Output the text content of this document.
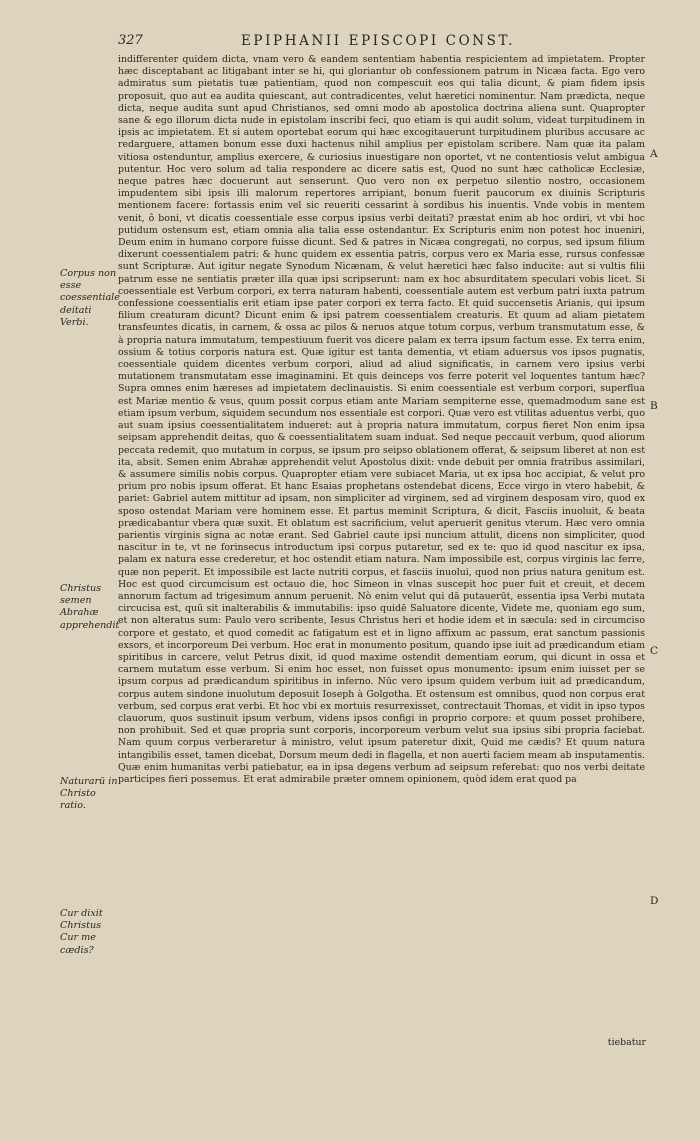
327	EPIPHANII EPISCOPI CONST.

indifferenter quidem dicta, vnam vero & eandem sententiam habentia respicientem ad impietatem. Propter hæc disceptabant ac litigabant inter se hi, qui gloriantur ob confessionem patrum in Nicæa facta. Ego vero admiratus sum pietatis tuæ patientiam, quod non compescuit eos qui talia dicunt, & piam fidem ipsis proposuit, quo aut ea audita quiescant, aut contradicentes, velut hæretici nominentur. Nam prædicta, neque dicta, neque audita sunt apud Christianos, sed omni modo ab apostolica doctrina aliena sunt. Quapropter sane & ego illorum dicta nude in epistolam inscribi feci, quo etiam is qui audit solum, videat turpitudinem in ipsis ac impietatem. Et si autem oportebat eorum qui hæc excogitauerunt turpitudinem pluribus accusare ac redarguere, attamen bonum esse duxi hactenus nihil amplius per epistolam scribere. Nam quæ ita palam vitiosa ostenduntur, amplius exercere, & curiosius inuestigare non oportet, vt ne contentiosis velut ambigua putentur. Hoc vero solum ad talia respondere ac dicere satis est, Quod no sunt hæc catholicæ Ecclesiæ, neque patres hæc docuerunt aut senserunt. Quo vero non ex perpetuo silentio nostro, occasionem impudentem sibi ipsis illi malorum repertores arripiant, bonum fuerit paucorum ex diuinis Scripturis mentionem facere: fortassis enim vel sic reueriti cessarint à sordibus his inuentis. Vnde vobis in mentem venit, ô boni, vt dicatis coessentiale esse corpus ipsius verbi deitati? præstat enim ab hoc ordiri, vt vbi hoc putidum ostensum est, etiam omnia alia talia esse ostendantur. Ex Scripturis enim non potest hoc inueniri, Deum enim in humano corpore fuisse dicunt. Sed & patres in Nicæa congregati, no corpus, sed ipsum filium dixerunt coessentialem patri: & hunc quidem ex essentia patris, corpus vero ex Maria esse, rursus confessæ sunt Scripturæ. Aut igitur negate Synodum Nicænam, & velut hæretici hæc falso inducite: aut si vultis filii patrum esse ne sentiatis præter illa quæ ipsi scripserunt: nam ex hoc absurditatem speculari vobis licet. Si coessentiale est Verbum corpori, ex terra naturam habenti, coessentiale autem est verbum patri iuxta patrum confessione coessentialis erit etiam ipse pater corpori ex terra facto. Et quid succensetis Arianis, qui ipsum filium creaturam dicunt? Dicunt enim & ipsi patrem coessentialem creaturis. Et quum ad aliam pietatem transfeuntes dicatis, in carnem, & ossa ac pilos & neruos atque totum corpus, verbum transmutatum esse, & à propria natura immutatum, tempestiuum fuerit vos dicere palam ex terra ipsum factum esse. Ex terra enim, ossium & totius corporis natura est. Quæ igitur est tanta dementia, vt etiam aduersus vos ipsos pugnatis, coessentiale quidem dicentes verbum corpori, aliud ad aliud significatis, in carnem vero ipsius verbi mutationem transmutatam esse imaginamini. Et quis deinceps vos ferre poterit vel loquentes tantum hæc? Supra omnes enim hæreses ad impietatem declinauistis. Si enim coessentiale est verbum corpori, superflua est Mariæ mentio & vsus, quum possit corpus etiam ante Mariam sempiterne esse, quemadmodum sane est etiam ipsum verbum, siquidem secundum nos essentiale est corpori. Quæ vero est vtilitas aduentus verbi, quo aut suam ipsius coessentialitatem indueret: aut à propria natura immutatum, corpus fieret Non enim ipsa seipsam apprehendit deitas, quo & coessentialitatem suam induat. Sed neque peccauit verbum, quod aliorum peccata redemit, quo mutatum in corpus, se ipsum pro seipso oblationem offerat, & seipsum liberet at non est ita, absit. Semen enim Abrahæ apprehendit velut Apostolus dixit: vnde debuit per omnia fratribus assimilari, & assumere similis nobis corpus. Quapropter etiam vere subiacet Maria, ut ex ipsa hoc accipiat, & velut pro prium pro nobis ipsum offerat. Et hanc Esaias prophetans ostendebat dicens, Ecce virgo in vtero habebit, & pariet: Gabriel autem mittitur ad ipsam, non simpliciter ad virginem, sed ad virginem desposam viro, quod ex sposo ostendat Mariam vere hominem esse. Et partus meminit Scriptura, & dicit, Fasciis inuoluit, & beata prædicabantur vbera quæ suxit. Et oblatum est sacrificium, velut aperuerit genitus vterum. Hæc vero omnia parientis virginis signa ac notæ erant. Sed Gabriel caute ipsi nuncium attulit, dicens non simpliciter, quod nascitur in te, vt ne forinsecus introductum ipsi corpus putaretur, sed ex te: quo id quod nascitur ex ipsa, palam ex natura esse crederetur, et hoc ostendit etiam natura. Nam impossibile est, corpus virginis lac ferre, quæ non peperit. Et impossibile est lacte nutriti corpus, et fasciis inuolui, quod non prius natura genitum est. Hoc est quod circumcisum est octauo die, hoc Simeon in vlnas suscepit hoc puer fuit et creuit, et decem annorum factum ad trigesimum annum peruenit. Nò enim velut qui dā putauerūt, essentia ipsa Verbi mutata circucisa est, quū sit inalterabilis & immutabilis: ipso quidē Saluatore dicente, Videte me, quoniam ego sum, et non alteratus sum: Paulo vero scribente, Iesus Christus heri et hodie idem et in sæcula: sed in circumciso corpore et gestato, et quod comedit ac fatigatum est et in ligno affixum ac passum, erat sanctum passionis exsors, et incorporeum Dei verbum. Hoc erat in monumento positum, quando ipse iuit ad prædicandum etiam spiritibus in carcere, velut Petrus dixit, id quod maxime ostendit dementiam eorum, qui dicunt in ossa et carnem mutatum esse verbum. Si enim hoc esset, non fuisset opus monumento: ipsum enim iuisset per se ipsum corpus ad prædicandum spiritibus in inferno. Nūc vero ipsum quidem verbum iuit ad prædicandum, corpus autem sindone inuolutum deposuit Ioseph à Golgotha. Et ostensum est omnibus, quod non corpus erat verbum, sed corpus erat verbi. Et hoc vbi ex mortuis resurrexisset, contrectauit Thomas, et vidit in ipso typos clauorum, quos sustinuit ipsum verbum, videns ipsos configi in proprio corpore: et quum posset prohibere, non prohibuit. Sed et quæ propria sunt corporis, incorporeum verbum velut sua ipsius sibi propria faciebat. Nam quum corpus verberaretur à ministro, velut ipsum pateretur dixit, Quid me cædis? Et quum natura intangibilis esset, tamen dicebat, Dorsum meum dedi in flagella, et non auerti faciem meam ab insputamentis. Quæ enim humanitas verbi patiebatur, ea in ipsa degens verbum ad seipsum referebat: quo nos verbi deitate participes fieri possemus. Et erat admirabile præter omnem opinionem, quòd idem erat quod pa

Corpus non esse coessentiale deitati Verbi.
Christus semen Abrahæ apprehendit
Naturarū in Christo ratio.
Cur dixit Christus Cur me cædis?
A
B
C
D
tiebatur
